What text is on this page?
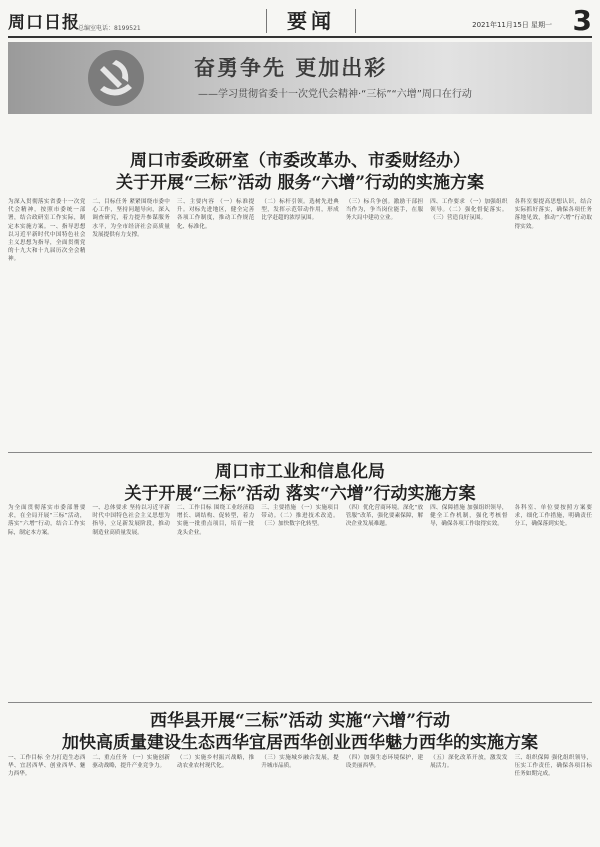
周口日报
总编室电话：8199521	要闻	2021年11月15日 星期一 3
奋勇争先 更加出彩
——学习贯彻省委十一次党代会精神·“三标”“六增”周口在行动
周口市委政研室（市委改革办、市委财经办）
关于开展“三标”活动 服务“六增”行动的实施方案
为深入贯彻落实省委十一次党代会精神，按照市委统一部署，结合政研室工作实际，制定本实施方案。一、指导思想 以习近平新时代中国特色社会主义思想为指导，全面贯彻党的十九大和十九届历次全会精神。
二、目标任务 紧紧围绕市委中心工作，坚持问题导向，深入调查研究，着力提升参谋服务水平，为全市经济社会高质量发展提供有力支撑。
三、主要内容 （一）标准提升。对标先进地区，健全完善各项工作制度，推动工作规范化、标准化。
（二）标杆引领。选树先进典型，发挥示范带动作用，形成比学赶超的浓厚氛围。
（三）标兵争创。激励干部担当作为，争当岗位能手，在服务大局中建功立业。
四、工作要求 （一）加强组织领导。（二）强化督促落实。（三）营造良好氛围。
各科室要提高思想认识，结合实际抓好落实，确保各项任务落地见效，推动“六增”行动取得实效。
周口市工业和信息化局
关于开展“三标”活动 落实“六增”行动实施方案
为全面贯彻落实市委部署要求，在全局开展“三标”活动，落实“六增”行动，结合工作实际，制定本方案。
一、总体要求 坚持以习近平新时代中国特色社会主义思想为指导，立足新发展阶段，推动制造业高质量发展。
二、工作目标 围绕工业经济稳增长、调结构、促转型，着力实施一批重点项目，培育一批龙头企业。
三、主要措施 （一）实施项目带动。（二）推进技术改造。（三）加快数字化转型。
（四）优化营商环境。深化“放管服”改革，强化要素保障，解决企业发展难题。
四、保障措施 加强组织领导，健全工作机制，强化考核督导，确保各项工作取得实效。
各科室、单位要按照方案要求，细化工作措施，明确责任分工，确保落到实处。
西华县开展“三标”活动 实施“六增”行动
加快高质量建设生态西华宜居西华创业西华魅力西华的实施方案
一、工作目标 全力打造生态西华、宜居西华、创业西华、魅力西华。
二、重点任务 （一）实施创新驱动战略，提升产业竞争力。
（二）实施乡村振兴战略，推动农业农村现代化。
（三）实施城乡融合发展，提升城市品质。
（四）加强生态环境保护，建设美丽西华。
（五）深化改革开放，激发发展活力。
三、组织保障 强化组织领导，压实工作责任，确保各项目标任务如期完成。
